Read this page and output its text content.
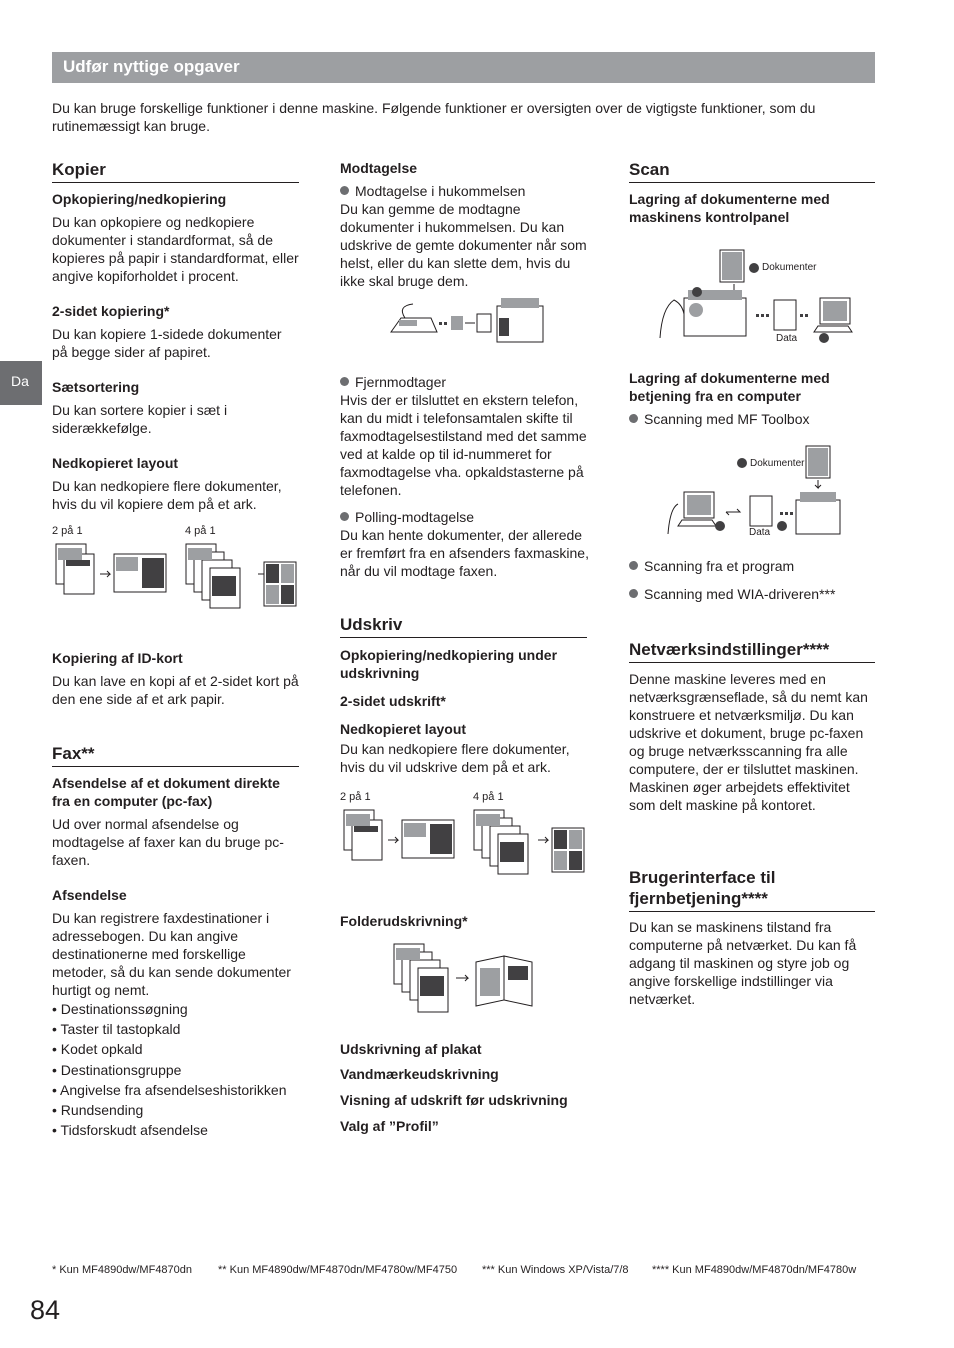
Udfør nyttige opgaver
Du kan bruge forskellige funktioner i denne maskine. Følgende funktioner er oversigten over de vigtigste funktioner, som du rutinemæssigt kan bruge.
Da
Kopier
Opkopiering/nedkopiering
Du kan opkopiere og nedkopiere dokumenter i standardformat, så de kopieres på papir i standardformat, eller angive kopiforholdet i procent.
2-sidet kopiering*
Du kan kopiere 1-sidede dokumenter på begge sider af papiret.
Sætsortering
Du kan sortere kopier i sæt i siderækkefølge.
Nedkopieret layout
Du kan nedkopiere flere dokumenter, hvis du vil kopiere dem på et ark.
2 på 1	4 på 1
Kopiering af ID-kort
Du kan lave en kopi af et 2-sidet kort på den ene side af et ark papir.
Fax**
Afsendelse af et dokument direkte fra en computer (pc-fax)
Ud over normal afsendelse og modtagelse af faxer kan du bruge pc-faxen.
Afsendelse
Du kan registrere faxdestinationer i adressebogen. Du kan angive destinationerne med forskellige metoder, så du kan sende dokumenter hurtigt og nemt.
• Destinationssøgning
• Taster til tastopkald
• Kodet opkald
• Destinationsgruppe
• Angivelse fra afsendelseshistorikken
• Rundsending
• Tidsforskudt afsendelse
Modtagelse
Modtagelse i hukommelsen
Du kan gemme de modtagne dokumenter i hukommelsen. Du kan udskrive de gemte dokumenter når som helst, eller du kan slette dem, hvis du ikke skal bruge dem.
Fjernmodtager
Hvis der er tilsluttet en ekstern telefon, kan du midt i telefonsamtalen skifte til faxmodtagelsestilstand med det samme ved at kalde op til id-nummeret for faxmodtagelse vha. opkaldstasterne på telefonen.
Polling-modtagelse
Du kan hente dokumenter, der allerede er fremført fra en afsenders faxmaskine, når du vil modtage faxen.
Udskriv
Opkopiering/nedkopiering under udskrivning
2-sidet udskrift*
Nedkopieret layout
Du kan nedkopiere flere dokumenter, hvis du vil udskrive dem på et ark.
2 på 1	4 på 1
Folderudskrivning*
Udskrivning af plakat
Vandmærkeudskrivning
Visning af udskrift før udskrivning
Valg af ”Profil”
Scan
Lagring af dokumenterne med maskinens kontrolpanel
Dokumenter
Data
Lagring af dokumenterne med betjening fra en computer
Scanning med MF Toolbox
Dokumenter
Data
Scanning fra et program
Scanning med WIA-driveren***
Netværksindstillinger****
Denne maskine leveres med en netværksgrænseflade, så du nemt kan konstruere et netværksmiljø. Du kan udskrive et dokument, bruge pc-faxen og bruge netværksscanning fra alle computere, der er tilsluttet maskinen. Maskinen øger arbejdets effektivitet som delt maskine på kontoret.
Brugerinterface til fjernbetjening****
Du kan se maskinens tilstand fra computerne på netværket. Du kan få adgang til maskinen og styre job og angive forskellige indstillinger via netværket.
* Kun MF4890dw/MF4870dn ** Kun MF4890dw/MF4870dn/MF4780w/MF4750 *** Kun Windows XP/Vista/7/8 **** Kun MF4890dw/MF4870dn/MF4780w
84
